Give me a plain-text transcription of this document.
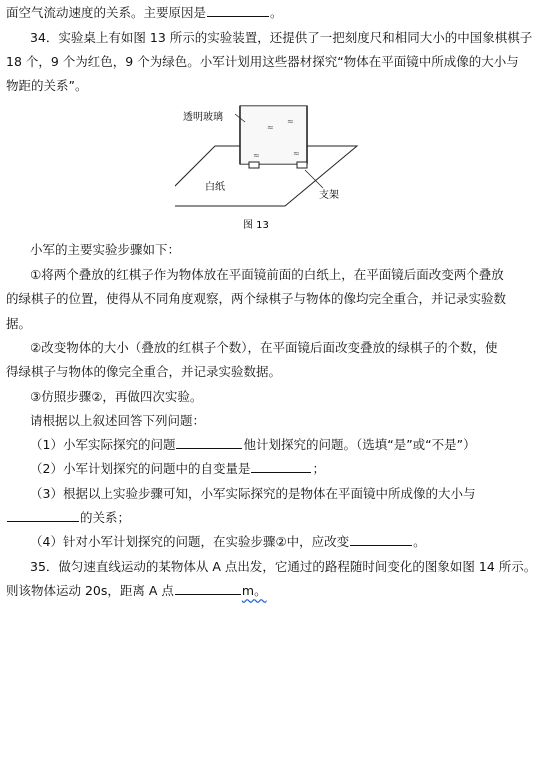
面空气流动速度的关系。主要原因是	。
34．实验桌上有如图 13 所示的实验装置，还提供了一把刻度尺和相同大小的中国象棋棋子
18 个，9 个为红色，9 个为绿色。小军计划用这些器材探究“物体在平面镜中所成像的大小与
物距的关系”。
≈
≈
≈	≈
透明玻璃
白纸
支架
图 13
小军的主要实验步骤如下：
①将两个叠放的红棋子作为物体放在平面镜前面的白纸上，在平面镜后面改变两个叠放
的绿棋子的位置，使得从不同角度观察，两个绿棋子与物体的像均完全重合，并记录实验数
据。
②改变物体的大小（叠放的红棋子个数），在平面镜后面改变叠放的绿棋子的个数，使
得绿棋子与物体的像完全重合，并记录实验数据。
③仿照步骤②，再做四次实验。
请根据以上叙述回答下列问题：
（1）小军实际探究的问题	他计划探究的问题。（选填“是”或“不是”）
（2）小军计划探究的问题中的自变量是	；
（3）根据以上实验步骤可知，小军实际探究的是物体在平面镜中所成像的大小与
的关系；
（4）针对小军计划探究的问题，在实验步骤②中，应改变	。
35．做匀速直线运动的某物体从 A 点出发，它通过的路程随时间变化的图象如图 14 所示。
则该物体运动 20s，距离 A 点	m。
